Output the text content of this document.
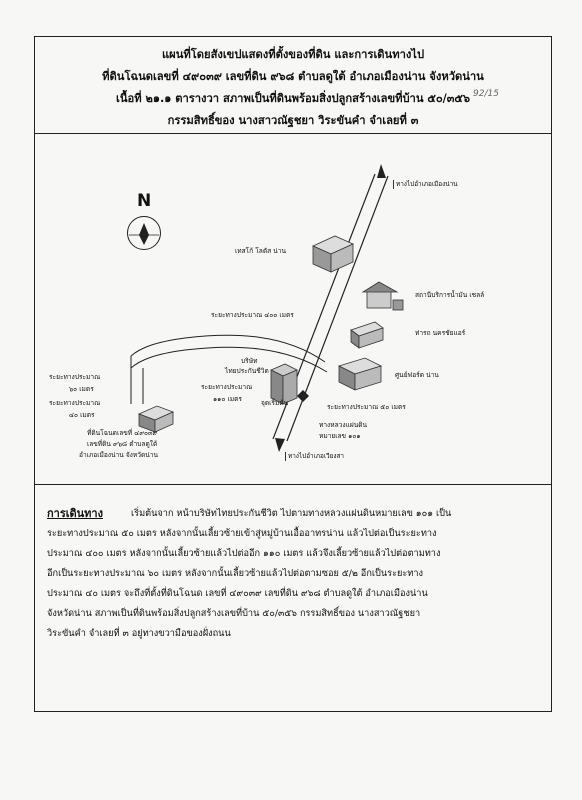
แผนที่โดยสังเขปแสดงที่ตั้งของที่ดิน และการเดินทางไป
ที่ดินโฉนดเลขที่ ๔๙๐๓๙ เลขที่ดิน ๙๖๘ ตำบลดูใต้ อำเภอเมืองน่าน จังหวัดน่าน
เนื้อที่ ๒๑.๑ ตารางวา สภาพเป็นที่ดินพร้อมสิ่งปลูกสร้างเลขที่บ้าน ๕๐/๓๕๖
กรรมสิทธิ์ของ นางสาวณัฐชยา วิระขันคำ จำเลยที่ ๓
92/15
N
ทางไปอำเภอเมืองน่าน
ทางไปอำเภอเวียงสา
เทสโก้ โลตัส น่าน
สถานีบริการน้ำมัน เชลล์
ท่ารถ นครชัยแอร์
ศูนย์ฟอร์ด น่าน
บริษัท
ไทยประกันชีวิต
จุดเริ่มต้น
ระยะทางประมาณ ๔๐๐ เมตร
ระยะทางประมาณ
๑๑๐ เมตร
ระยะทางประมาณ
๖๐ เมตร
ระยะทางประมาณ
๔๐ เมตร
ระยะทางประมาณ ๕๐ เมตร
ทางหลวงแผ่นดิน
หมายเลข ๑๐๑
ที่ดินโฉนดเลขที่ ๔๙๐๓๙
เลขที่ดิน ๙๖๘ ตำบลดูใต้
อำเภอเมืองน่าน จังหวัดน่าน
การเดินทาง	เริ่มต้นจาก หน้าบริษัทไทยประกันชีวิต ไปตามทางหลวงแผ่นดินหมายเลข ๑๐๑ เป็น
ระยะทางประมาณ ๕๐ เมตร หลังจากนั้นเลี้ยวซ้ายเข้าสู่หมู่บ้านเอื้ออาทรน่าน แล้วไปต่อเป็นระยะทาง
ประมาณ ๔๐๐ เมตร หลังจากนั้นเลี้ยวซ้ายแล้วไปต่ออีก ๑๑๐ เมตร แล้วจึงเลี้ยวซ้ายแล้วไปต่อตามทาง
อีกเป็นระยะทางประมาณ ๖๐ เมตร หลังจากนั้นเลี้ยวซ้ายแล้วไปต่อตามซอย ๕/๒ อีกเป็นระยะทาง
ประมาณ ๔๐ เมตร จะถึงที่ตั้งที่ดินโฉนด เลขที่ ๔๙๐๓๙ เลขที่ดิน ๙๖๘ ตำบลดูใต้ อำเภอเมืองน่าน
จังหวัดน่าน สภาพเป็นที่ดินพร้อมสิ่งปลูกสร้างเลขที่บ้าน ๕๐/๓๕๖ กรรมสิทธิ์ของ นางสาวณัฐชยา
วิระขันคำ จำเลยที่ ๓ อยู่ทางขวามือของฝั่งถนน
